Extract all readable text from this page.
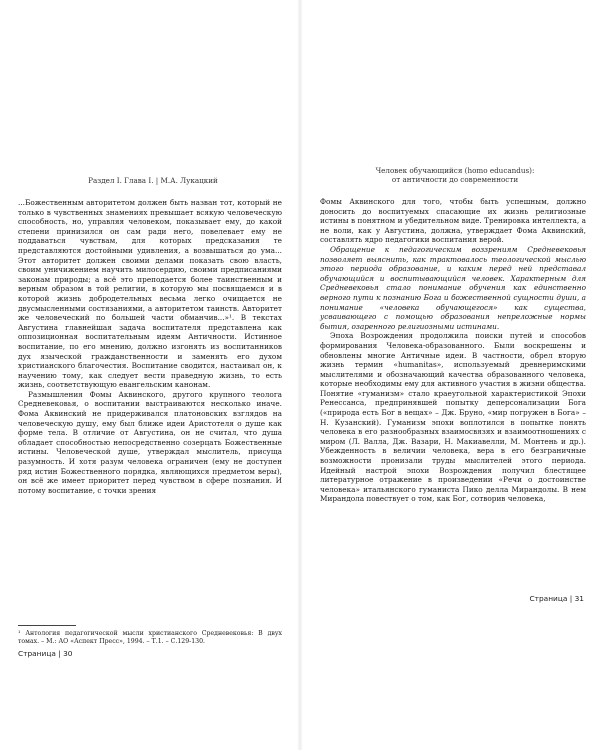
Раздел I. Глава I. | М.А. Лукацкий

...Божественным авторитетом должен быть назван тот, который не только в чувственных знамениях превышает всякую человеческую способность, но, управляя человеком, показывает ему, до какой степени принизился он сам ради него, повелевает ему не поддаваться чувствам, для которых предсказания те представляются достойными удивления, а возвышаться до ума... Этот авторитет должен своими делами показать свою власть, своим уничижением научить милосердию, своими предписаниями законам природы; а всё это преподается более таинственным и верным образом в той религии, в которую мы посвящаемся и в которой жизнь добродетельных весьма легко очищается не двусмысленными состязаниями, а авторитетом таинств. Авторитет же человеческий по большей части обманчив...»¹. В текстах Августина главнейшая задача воспитателя представлена как оппозиционная воспитательным идеям Античности. Истинное воспитание, по его мнению, должно изгонять из воспитанников дух языческой гражданственности и заменять его духом христианского благочестия. Воспитание сводится, настаивал он, к научению тому, как следует вести праведную жизнь, то есть жизнь, соответствующую евангельским канонам.

Размышления Фомы Аквинского, другого крупного теолога Средневековья, о воспитании выстраиваются несколько иначе. Фома Аквинский не придерживался платоновских взглядов на человеческую душу, ему был ближе идеи Аристотеля о душе как форме тела. В отличие от Августина, он не считал, что душа обладает способностью непосредственно созерцать Божественные истины. Человеческой душе, утверждал мыслитель, присуща разумность. И хотя разум человека ограничен (ему не доступен ряд истин Божественного порядка, являющихся предметом веры), он всё же имеет приоритет перед чувством в сфере познания. И потому воспитание, с точки зрения

¹ Антология педагогической мысли христианского Средневековья: В двух томах. – М.: АО «Аспект Пресс», 1994. – Т.1. – С.129-130.
Страница | 30
Человек обучающийся (homo educandus):
от античности до современности

Фомы Аквинского для того, чтобы быть успешным, должно доносить до воспитуемых спасающие их жизнь религиозные истины в понятном и убедительном виде. Тренировка интеллекта, а не воли, как у Августина, должна, утверждает Фома Аквинский, составлять ядро педагогики воспитания верой.

Обращение к педагогическим воззрениям Средневековья позволяет выяснить, как трактовалось теологической мыслью этого периода образование, и каким перед ней представал обучающийся и воспитывающийся человек. Характерным для Средневековья стало понимание обучения как единственно верного пути к познанию Бога и божественной сущности души, а понимание «человека обучающегося» как существа, усваивающего с помощью образования непреложные нормы бытия, озаренного религиозными истинами.

Эпоха Возрождения продолжила поиски путей и способов формирования Человека-образованного. Были воскрешены и обновлены многие Античные идеи. В частности, обрел вторую жизнь термин «humanitas», используемый древнеримскими мыслителями и обозначающий качества образованного человека, которые необходимы ему для активного участия в жизни общества. Понятие «гуманизм» стало краеугольной характеристикой Эпохи Ренессанса, предпринявшей попытку деперсонализации Бога («природа есть Бог в вещах» – Дж. Бруно, «мир погружен в Бога» – Н. Кузанский). Гуманизм эпохи воплотился в попытке понять человека в его разнообразных взаимосвязях и взаимоотношениях с миром (Л. Валла, Дж. Вазари, Н. Макиавелли, М. Монтень и др.). Убежденность в величии человека, вера в его безграничные возможности пронизали труды мыслителей этого периода. Идейный настрой эпохи Возрождения получил блестящее литературное отражение в произведении «Речи о достоинстве человека» итальянского гуманиста Пико делла Мирандолы. В нем Мирандола повествует о том, как Бог, сотворив человека,

Страница | 31
